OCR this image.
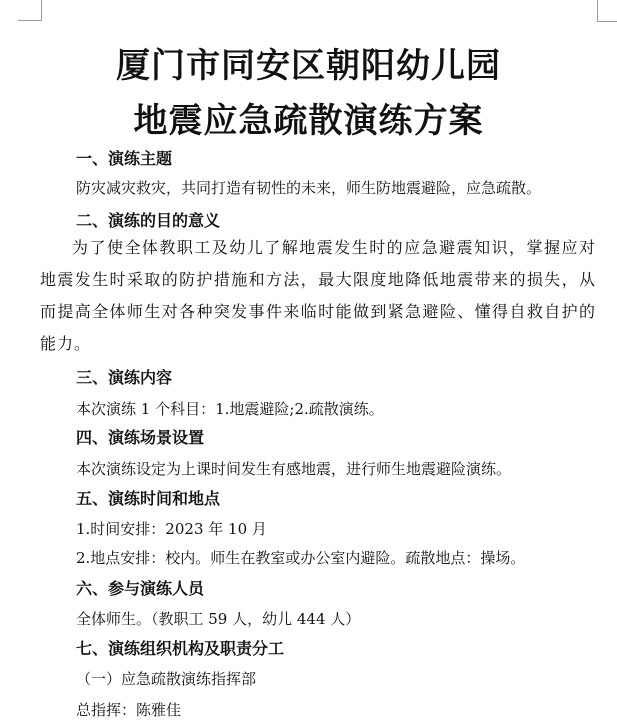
厦门市同安区朝阳幼儿园
地震应急疏散演练方案
一、演练主题
防灾减灾救灾，共同打造有韧性的未来，师生防地震避险，应急疏散。
二、演练的目的意义
为了使全体教职工及幼儿了解地震发生时的应急避震知识，掌握应对地震发生时采取的防护措施和方法，最大限度地降低地震带来的损失，从而提高全体师生对各种突发事件来临时能做到紧急避险、懂得自救自护的能力。
三、演练内容
本次演练 1 个科目：1.地震避险;2.疏散演练。
四、演练场景设置
本次演练设定为上课时间发生有感地震，进行师生地震避险演练。
五、演练时间和地点
1.时间安排：2023 年 10 月
2.地点安排：校内。师生在教室或办公室内避险。疏散地点：操场。
六、参与演练人员
全体师生。（教职工 59 人，幼儿 444 人）
七、演练组织机构及职责分工
（一）应急疏散演练指挥部
总指挥：陈雅佳
